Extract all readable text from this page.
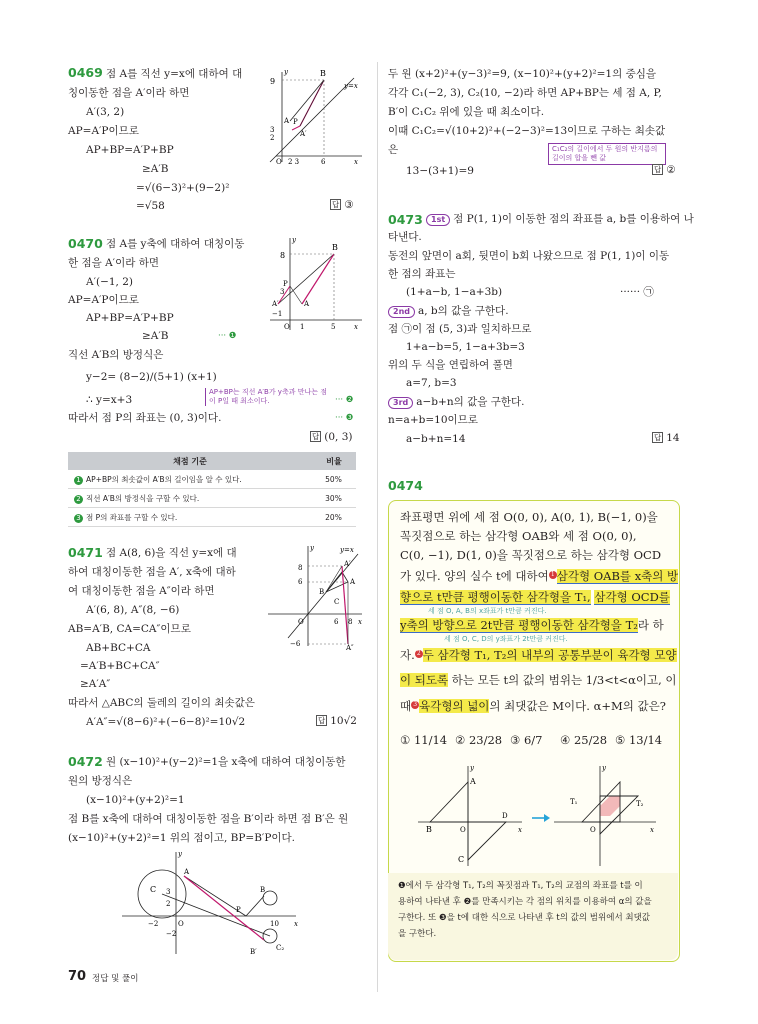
0469 점 A를 직선 y=x에 대하여 대
칭이동한 점을 A′이라 하면
A′(3, 2)
AP=A′P이므로
AP+BP=A′P+BP
≥A′B
=√(6−3)²+(9−2)²
=√58	답 ③
9
B
y=x
A
A′
P
3
2
O 2 3	6	x
y
0470 점 A를 y축에 대하여 대칭이동
한 점을 A′이라 하면
A′(−1, 2)
AP=A′P이므로
AP+BP=A′P+BP
≥A′B	··· ❶
직선 A′B의 방정식은
y−2= (8−2)/(5+1) (x+1)
∴ y=x+3
AP+BP는 직선 A′B가 y축과 만나는 점이 P일 때 최소이다.	··· ❷
따라서 점 P의 좌표는 (0, 3)이다.	··· ❸
답 (0, 3)
8
B
P
A′	A
3
−1
O 1	5	x
y
채점 기준	비율
1 AP+BP의 최솟값이 A′B의 길이임을 알 수 있다.	50%
2 직선 A′B의 방정식을 구할 수 있다.	30%
3 점 P의 좌표를 구할 수 있다.	20%
0471 점 A(8, 6)을 직선 y=x에 대
하여 대칭이동한 점을 A′, x축에 대하
여 대칭이동한 점을 A″이라 하면
A′(6, 8), A″(8, −6)
AB=A′B, CA=CA″이므로
AB+BC+CA
=A′B+BC+CA″
≥A′A″
따라서 △ABC의 둘레의 길이의 최솟값은
A′A″=√(8−6)²+(−6−8)²=10√2	답 10√2
8
6
A′
A
B
C
y=x
O	6 8 x
−6	A″
y
0472 원 (x−10)²+(y−2)²=1을 x축에 대하여 대칭이동한
원의 방정식은
(x−10)²+(y+2)²=1
점 B를 x축에 대하여 대칭이동한 점을 B′이라 하면 점 B′은 원
(x−10)²+(y+2)²=1 위의 점이고, BP=B′P이다.
C
A
B
P
B′	C₂
3
2
−2	O
−2
10 x
y
두 원 (x+2)²+(y−3)²=9, (x−10)²+(y+2)²=1의 중심을
각각 C₁(−2, 3), C₂(10, −2)라 하면 AP+BP는 세 점 A, P,
B′이 C₁C₂ 위에 있을 때 최소이다.
이때 C₁C₂=√(10+2)²+(−2−3)²=13이므로 구하는 최솟값
은	C₁C₂의 길이에서 두 원의 반지름의 길이의 합을 뺀 값
13−(3+1)=9	답 ②
0473	1st 점 P(1, 1)이 이동한 점의 좌표를 a, b를 이용하여 나
타낸다.
동전의 앞면이 a회, 뒷면이 b회 나왔으므로 점 P(1, 1)이 이동
한 점의 좌표는
(1+a−b, 1−a+3b)	······ ㉠
2nd a, b의 값을 구한다.
점 ㉠이 점 (5, 3)과 일치하므로
1+a−b=5, 1−a+3b=3
위의 두 식을 연립하여 풀면
a=7, b=3
3rd a−b+n의 값을 구한다.
n=a+b=10이므로
a−b+n=14	답 14
0474
좌표평면 위에 세 점 O(0, 0), A(0, 1), B(−1, 0)을
꼭짓점으로 하는 삼각형 OAB와 세 점 O(0, 0),
C(0, −1), D(1, 0)을 꼭짓점으로 하는 삼각형 OCD
가 있다. 양의 실수 t에 대하여 1 삼각형 OAB를 x축의 방
향으로 t만큼 평행이동한 삼각형을 T₁, 삼각형 OCD를
세 점 O, A, B의 x좌표가 t만큼 커진다.
y축의 방향으로 2t만큼 평행이동한 삼각형을 T₂라 하
세 점 O, C, D의 y좌표가 2t만큼 커진다.
자. 2 두 삼각형 T₁, T₂의 내부의 공통부분이 육각형 모양
이 되도록 하는 모든 t의 값의 범위는 1/3<t<α이고, 이
때 3 육각형의 넓이의 최댓값은 M이다. α+M의 값은?
① 11/14 ② 23/28 ③ 6/7 ④ 25/28 ⑤ 13/14
A
B	O
D
C
x
y
T₁	T₂
O	x
y
❶에서 두 삼각형 T₁, T₂의 꼭짓점과 T₁, T₂의 교점의 좌표를 t를 이
용하여 나타낸 후 ❷를 만족시키는 각 점의 위치를 이용하여 α의 값을
구한다. 또 ❸을 t에 대한 식으로 나타낸 후 t의 값의 범위에서 최댓값
을 구한다.
70 정답 및 풀이
